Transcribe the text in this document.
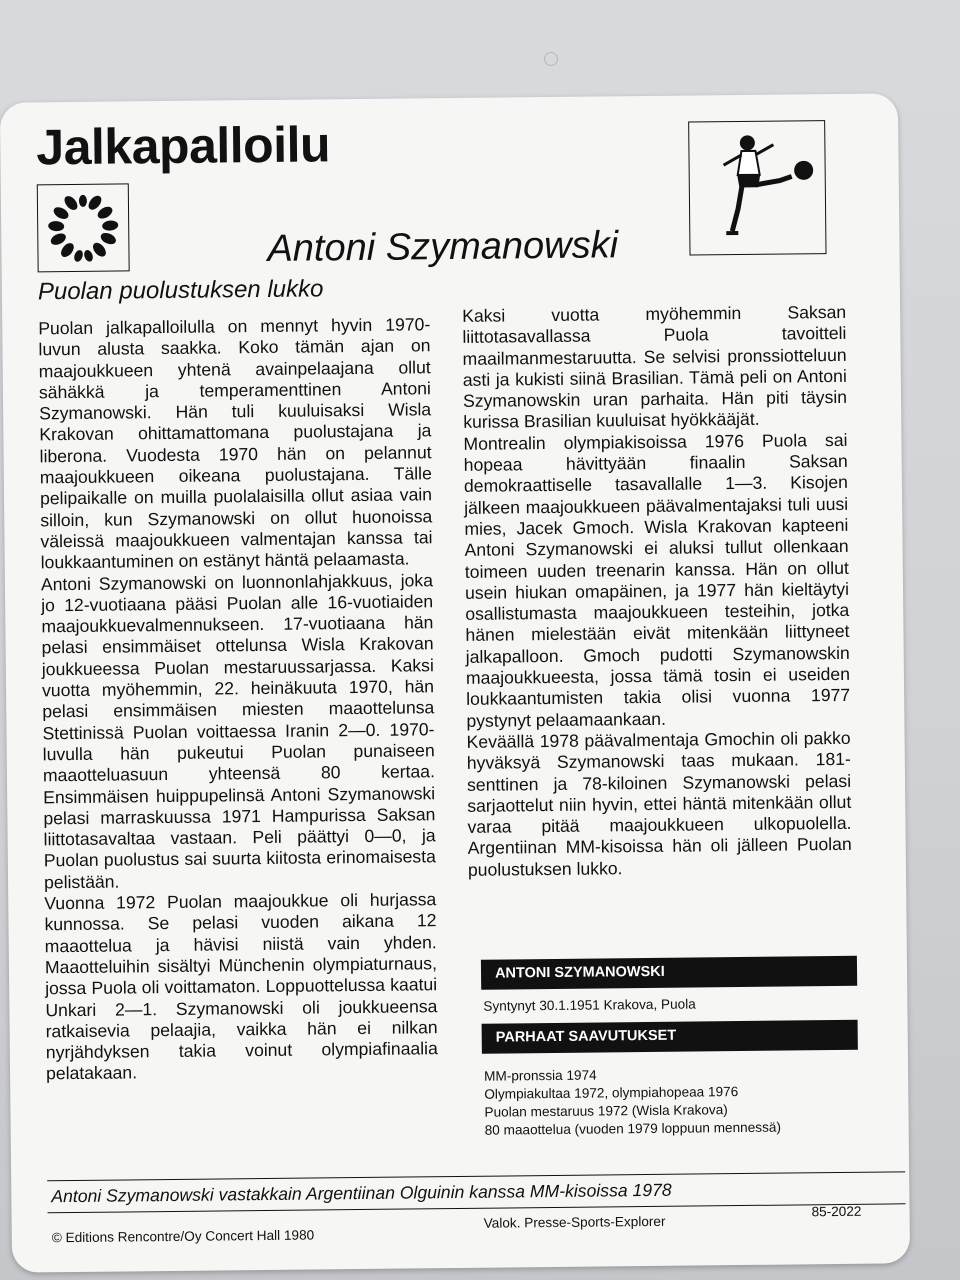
Jalkapalloilu
Antoni Szymanowski
Puolan puolustuksen lukko

Puolan jalkapalloilulla on mennyt hyvin 1970-luvun alusta saakka. Koko tämän ajan on maajoukkueen yhtenä avainpelaajana ollut sähäkkä ja temperamenttinen Antoni Szymanowski. Hän tuli kuuluisaksi Wisla Krakovan ohittamattomana puolustajana ja liberona. Vuodesta 1970 hän on pelannut maajoukkueen oikeana puolustajana. Tälle pelipaikalle on muilla puolalaisilla ollut asiaa vain silloin, kun Szymanowski on ollut huonoissa väleissä maajoukkueen valmentajan kanssa tai loukkaantuminen on estänyt häntä pelaamasta.

Antoni Szymanowski on luonnonlahjakkuus, joka jo 12-vuotiaana pääsi Puolan alle 16-vuotiaiden maajoukkuevalmennukseen. 17-vuotiaana hän pelasi ensimmäiset ottelunsa Wisla Krakovan joukkueessa Puolan mestaruussarjassa. Kaksi vuotta myöhemmin, 22. heinäkuuta 1970, hän pelasi ensimmäisen miesten maaottelunsa Stettinissä Puolan voittaessa Iranin 2—0. 1970-luvulla hän pukeutui Puolan punaiseen maaotteluasuun yhteensä 80 kertaa. Ensimmäisen huippupelinsä Antoni Szymanowski pelasi marraskuussa 1971 Hampurissa Saksan liittotasavaltaa vastaan. Peli päättyi 0—0, ja Puolan puolustus sai suurta kiitosta erinomaisesta pelistään.

Vuonna 1972 Puolan maajoukkue oli hurjassa kunnossa. Se pelasi vuoden aikana 12 maaottelua ja hävisi niistä vain yhden. Maaotteluihin sisältyi Münchenin olympiaturnaus, jossa Puola oli voittamaton. Loppuottelussa kaatui Unkari 2—1. Szymanowski oli joukkueensa ratkaisevia pelaajia, vaikka hän ei nilkan nyrjähdyksen takia voinut olympiafinaalia pelatakaan.

Kaksi vuotta myöhemmin Saksan liittotasavallassa Puola tavoitteli maailmanmestaruutta. Se selvisi pronssiotteluun asti ja kukisti siinä Brasilian. Tämä peli on Antoni Szymanowskin uran parhaita. Hän piti täysin kurissa Brasilian kuuluisat hyökkääjät.

Montrealin olympiakisoissa 1976 Puola sai hopeaa hävittyään finaalin Saksan demokraattiselle tasavallalle 1—3. Kisojen jälkeen maajoukkueen päävalmentajaksi tuli uusi mies, Jacek Gmoch. Wisla Krakovan kapteeni Antoni Szymanowski ei aluksi tullut ollenkaan toimeen uuden treenarin kanssa. Hän on ollut usein hiukan omapäinen, ja 1977 hän kieltäytyi osallistumasta maajoukkueen testeihin, jotka hänen mielestään eivät mitenkään liittyneet jalkapalloon. Gmoch pudotti Szymanowskin maajoukkueesta, jossa tämä tosin ei useiden loukkaantumisten takia olisi vuonna 1977 pystynyt pelaamaankaan.

Keväällä 1978 päävalmentaja Gmochin oli pakko hyväksyä Szymanowski taas mukaan. 181-senttinen ja 78-kiloinen Szymanowski pelasi sarjaottelut niin hyvin, ettei häntä mitenkään ollut varaa pitää maajoukkueen ulkopuolella. Argentiinan MM-kisoissa hän oli jälleen Puolan puolustuksen lukko.

ANTONI SZYMANOWSKI
Syntynyt 30.1.1951 Krakova, Puola
PARHAAT SAAVUTUKSET
MM-pronssia 1974
Olympiakultaa 1972, olympiahopeaa 1976
Puolan mestaruus 1972 (Wisla Krakova)
80 maaottelua (vuoden 1979 loppuun mennessä)
Antoni Szymanowski vastakkain Argentiinan Olguinin kanssa MM-kisoissa 1978
© Editions Rencontre/Oy Concert Hall 1980
Valok. Presse-Sports-Explorer
85-2022
